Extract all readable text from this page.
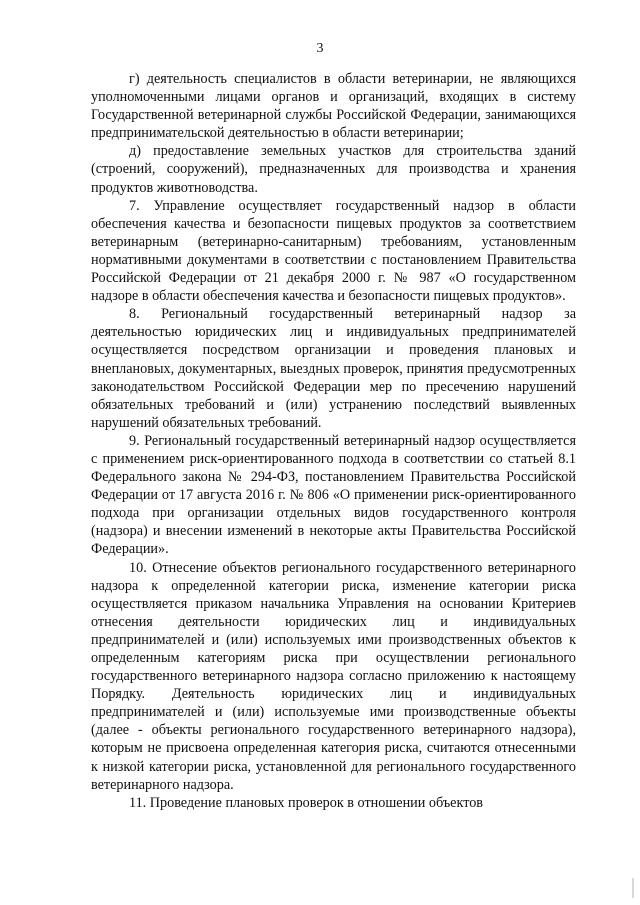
3

г) деятельность специалистов в области ветеринарии, не являющихся уполномоченными лицами органов и организаций, входящих в систему Государственной ветеринарной службы Российской Федерации, занимающихся предпринимательской деятельностью в области ветеринарии;

д) предоставление земельных участков для строительства зданий (строений, сооружений), предназначенных для производства и хранения продуктов животноводства.

7. Управление осуществляет государственный надзор в области обеспечения качества и безопасности пищевых продуктов за соответствием ветеринарным (ветеринарно-санитарным) требованиям, установленным нормативными документами в соответствии с постановлением Правительства Российской Федерации от 21 декабря 2000 г. № 987 «О государственном надзоре в области обеспечения качества и безопасности пищевых продуктов».

8. Региональный государственный ветеринарный надзор за деятельностью юридических лиц и индивидуальных предпринимателей осуществляется посредством организации и проведения плановых и внеплановых, документарных, выездных проверок, принятия предусмотренных законодательством Российской Федерации мер по пресечению нарушений обязательных требований и (или) устранению последствий выявленных нарушений обязательных требований.

9. Региональный государственный ветеринарный надзор осуществляется с применением риск-ориентированного подхода в соответствии со статьей 8.1 Федерального закона № 294-ФЗ, постановлением Правительства Российской Федерации от 17 августа 2016 г. № 806 «О применении риск-ориентированного подхода при организации отдельных видов государственного контроля (надзора) и внесении изменений в некоторые акты Правительства Российской Федерации».

10. Отнесение объектов регионального государственного ветеринарного надзора к определенной категории риска, изменение категории риска осуществляется приказом начальника Управления на основании Критериев отнесения деятельности юридических лиц и индивидуальных предпринимателей и (или) используемых ими производственных объектов к определенным категориям риска при осуществлении регионального государственного ветеринарного надзора согласно приложению к настоящему Порядку. Деятельность юридических лиц и индивидуальных предпринимателей и (или) используемые ими производственные объекты (далее - объекты регионального государственного ветеринарного надзора), которым не присвоена определенная категория риска, считаются отнесенными к низкой категории риска, установленной для регионального государственного ветеринарного надзора.

11. Проведение плановых проверок в отношении объектов
